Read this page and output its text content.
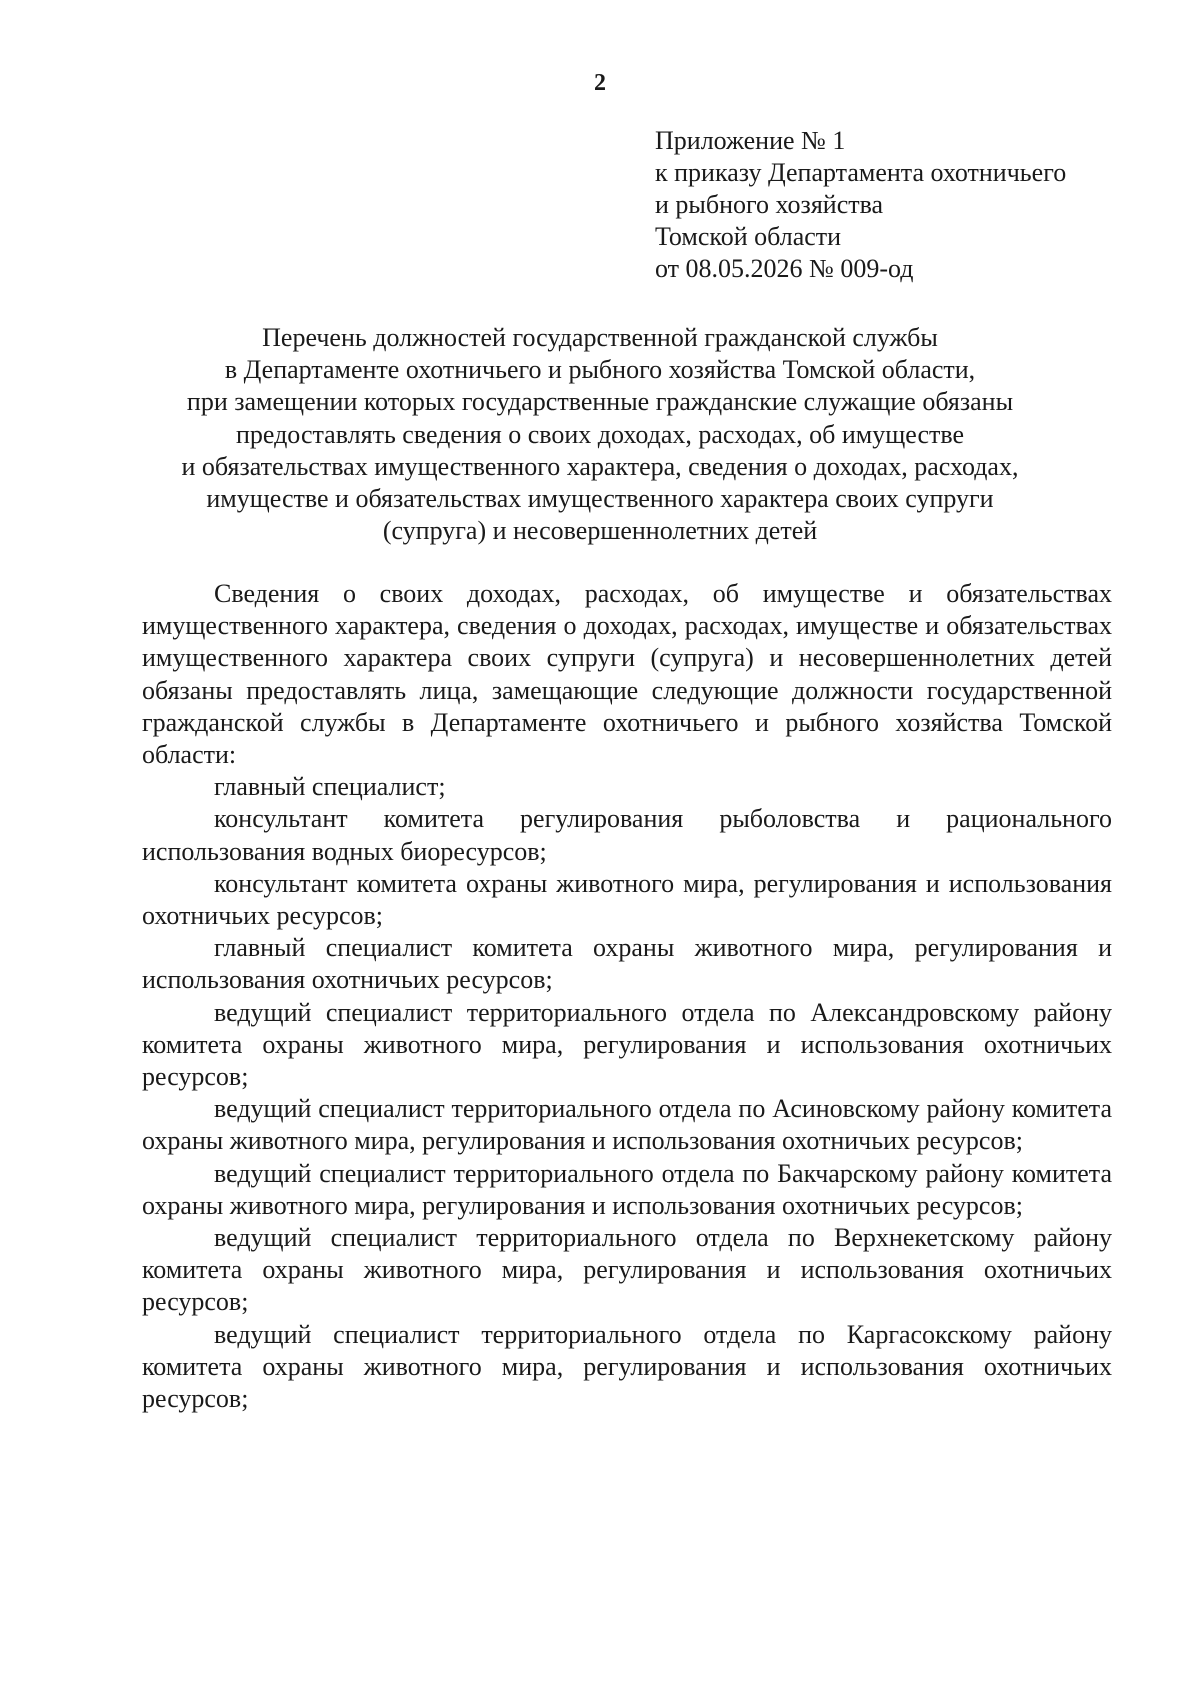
2
Приложение № 1
к приказу Департамента охотничьего
и рыбного хозяйства
Томской области
от 08.05.2026 № 009-од
Перечень должностей государственной гражданской службы
в Департаменте охотничьего и рыбного хозяйства Томской области,
при замещении которых государственные гражданские служащие обязаны
предоставлять сведения о своих доходах, расходах, об имуществе
и обязательствах имущественного характера, сведения о доходах, расходах,
имуществе и обязательствах имущественного характера своих супруги
(супруга) и несовершеннолетних детей

Сведения о своих доходах, расходах, об имуществе и обязательствах имущественного характера, сведения о доходах, расходах, имуществе и обязательствах имущественного характера своих супруги (супруга) и несовершеннолетних детей обязаны предоставлять лица, замещающие следующие должности государственной гражданской службы в Департаменте охотничьего и рыбного хозяйства Томской области:

главный специалист;

консультант комитета регулирования рыболовства и рационального использования водных биоресурсов;

консультант комитета охраны животного мира, регулирования и использования охотничьих ресурсов;

главный специалист комитета охраны животного мира, регулирования и использования охотничьих ресурсов;

ведущий специалист территориального отдела по Александровскому району комитета охраны животного мира, регулирования и использования охотничьих ресурсов;

ведущий специалист территориального отдела по Асиновскому району комитета охраны животного мира, регулирования и использования охотничьих ресурсов;

ведущий специалист территориального отдела по Бакчарскому району комитета охраны животного мира, регулирования и использования охотничьих ресурсов;

ведущий специалист территориального отдела по Верхнекетскому району комитета охраны животного мира, регулирования и использования охотничьих ресурсов;

ведущий специалист территориального отдела по Каргасокскому району комитета охраны животного мира, регулирования и использования охотничьих ресурсов;
